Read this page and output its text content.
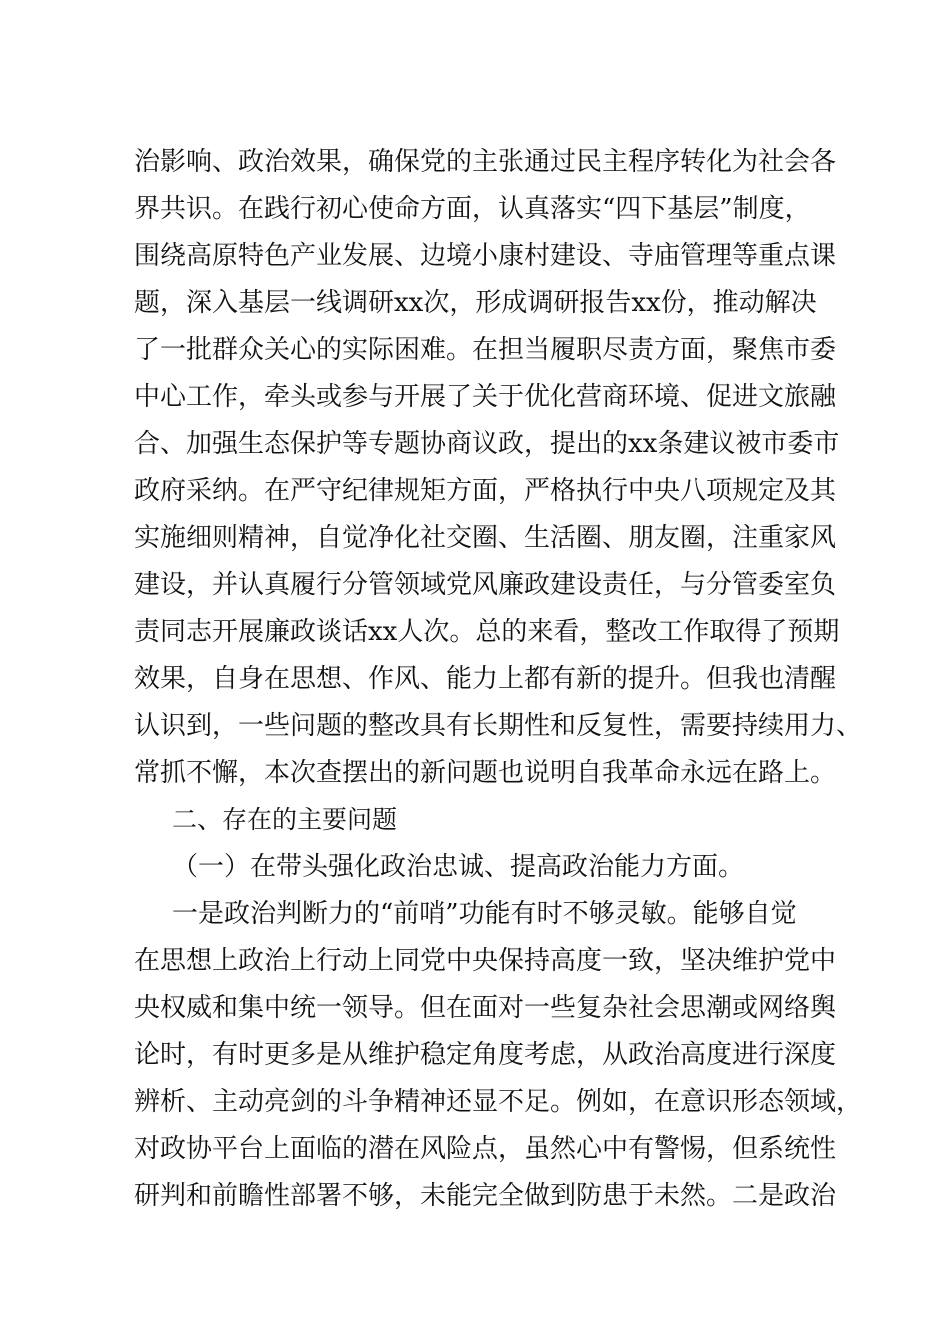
治影响、政治效果，确保党的主张通过民主程序转化为社会各
界共识。在践行初心使命方面，认真落实“四下基层”制度，
围绕高原特色产业发展、边境小康村建设、寺庙管理等重点课
题，深入基层一线调研xx次，形成调研报告xx份，推动解决
了一批群众关心的实际困难。在担当履职尽责方面，聚焦市委
中心工作，牵头或参与开展了关于优化营商环境、促进文旅融
合、加强生态保护等专题协商议政，提出的xx条建议被市委市
政府采纳。在严守纪律规矩方面，严格执行中央八项规定及其
实施细则精神，自觉净化社交圈、生活圈、朋友圈，注重家风
建设，并认真履行分管领域党风廉政建设责任，与分管委室负
责同志开展廉政谈话xx人次。总的来看，整改工作取得了预期
效果，自身在思想、作风、能力上都有新的提升。但我也清醒
认识到，一些问题的整改具有长期性和反复性，需要持续用力、
常抓不懈，本次查摆出的新问题也说明自我革命永远在路上。
二、存在的主要问题
（一）在带头强化政治忠诚、提高政治能力方面。
一是政治判断力的“前哨”功能有时不够灵敏。能够自觉
在思想上政治上行动上同党中央保持高度一致，坚决维护党中
央权威和集中统一领导。但在面对一些复杂社会思潮或网络舆
论时，有时更多是从维护稳定角度考虑，从政治高度进行深度
辨析、主动亮剑的斗争精神还显不足。例如，在意识形态领域，
对政协平台上面临的潜在风险点，虽然心中有警惕，但系统性
研判和前瞻性部署不够，未能完全做到防患于未然。二是政治
